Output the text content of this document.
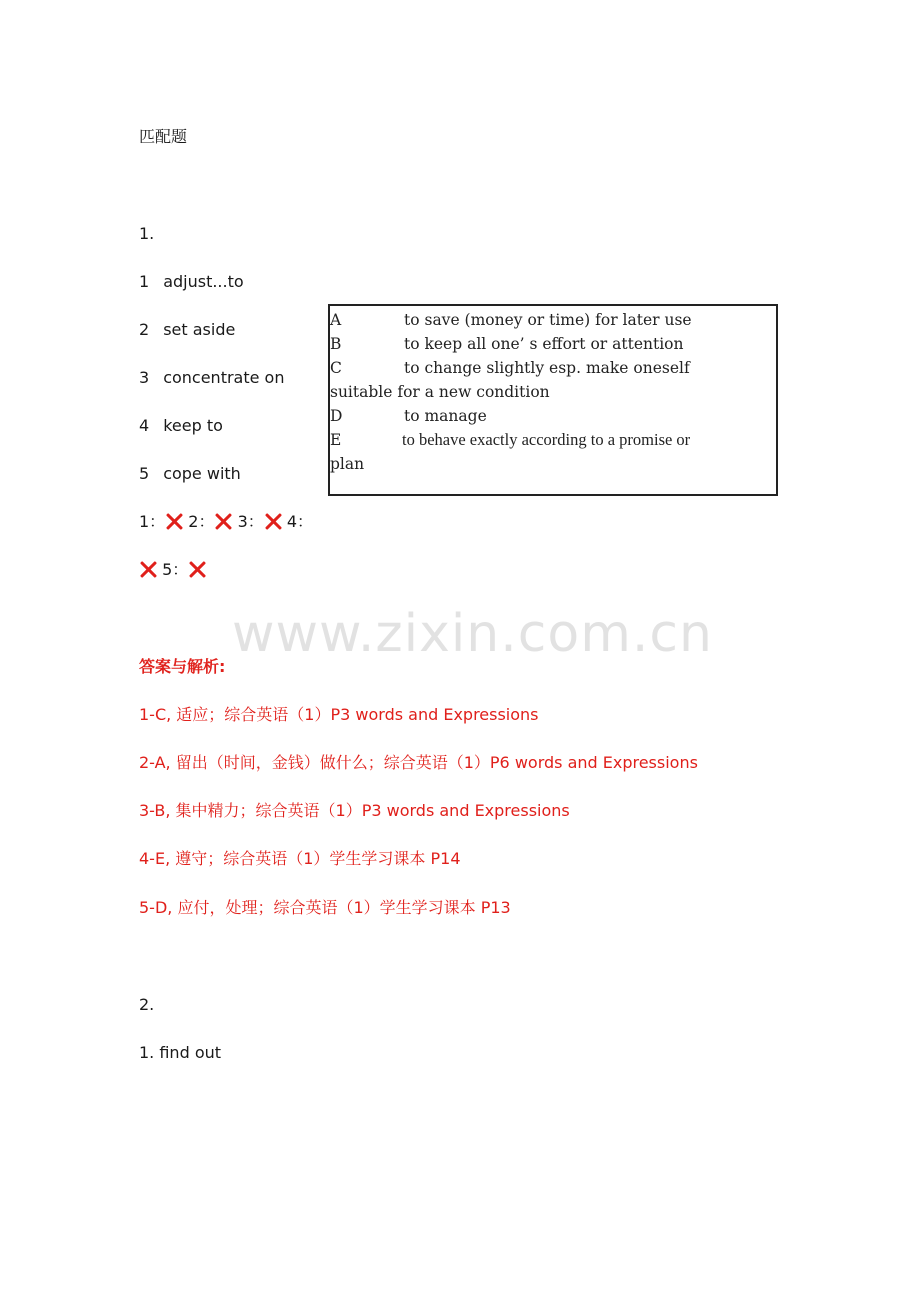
匹配题
1.
1 adjust...to
2 set aside
3 concentrate on
4 keep to
5 cope with
A	to save (money or time) for later use
B	to keep all one’ s effort or attention
C	to change slightly esp. make oneself
suitable for a new condition
D	to manage
E	to behave exactly according to a promise or
plan
1： 2： 3： 4：
5：
www.zixin.com.cn
答案与解析:
1-C, 适应；综合英语（1）P3 words and Expressions
2-A, 留出（时间，金钱）做什么；综合英语（1）P6 words and Expressions
3-B, 集中精力；综合英语（1）P3 words and Expressions
4-E, 遵守；综合英语（1）学生学习课本 P14
5-D, 应付，处理；综合英语（1）学生学习课本 P13
2.
1. find out
